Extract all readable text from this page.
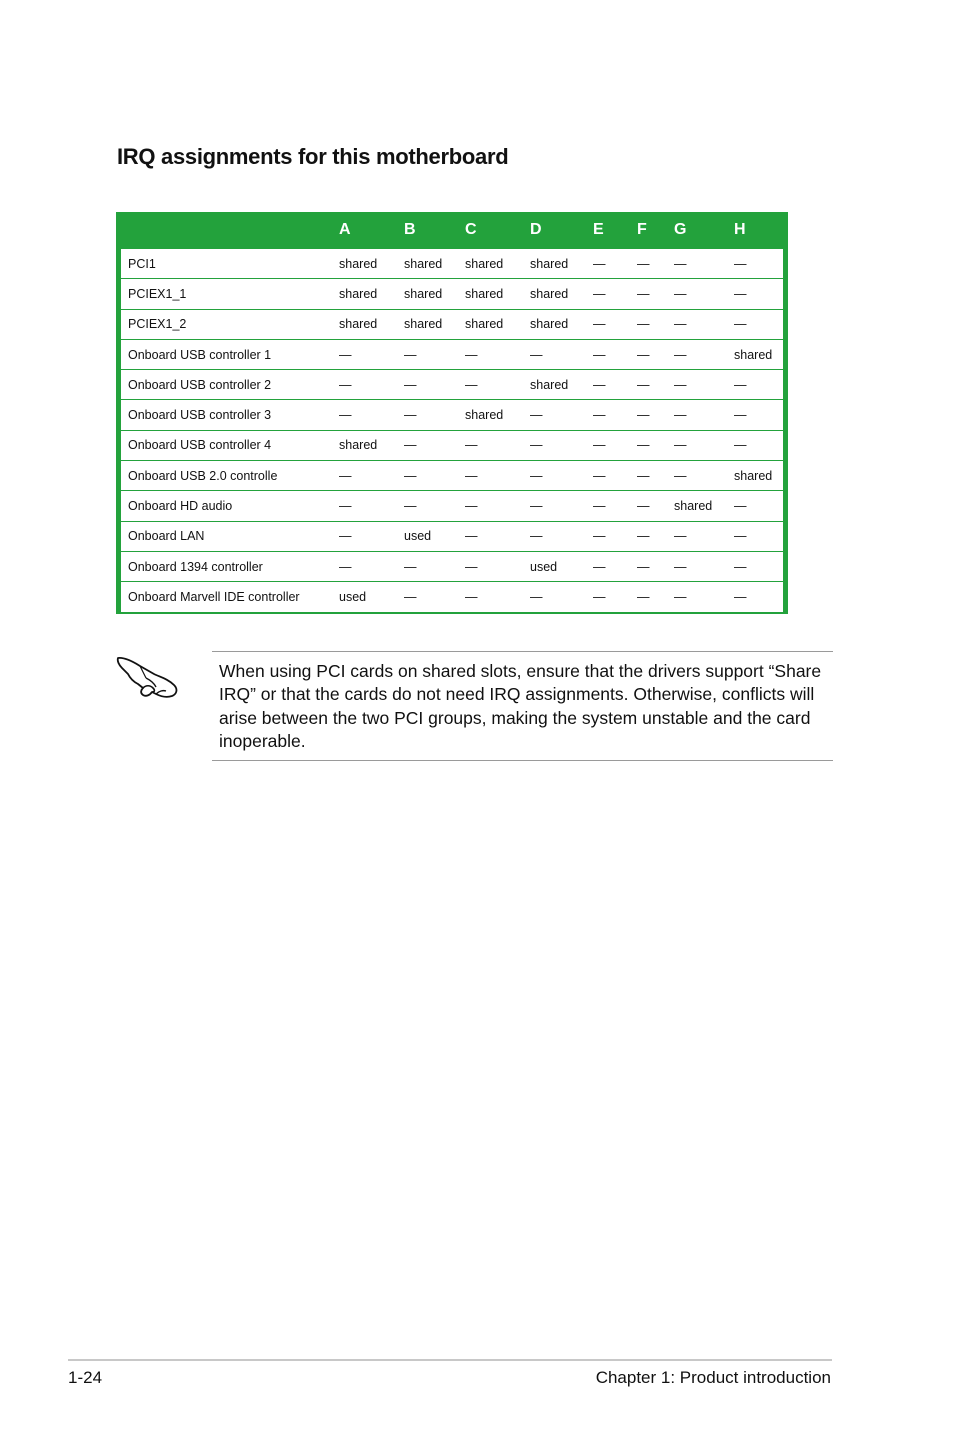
IRQ assignments for this motherboard
	A	B	C	D	E	F	G	H
PCI1	shared	shared	shared	shared	—	—	—	—
PCIEX1_1	shared	shared	shared	shared	—	—	—	—
PCIEX1_2	shared	shared	shared	shared	—	—	—	—
Onboard USB controller 1	—	—	—	—	—	—	—	shared
Onboard USB controller 2	—	—	—	shared	—	—	—	—
Onboard USB controller 3	—	—	shared	—	—	—	—	—
Onboard USB controller 4	shared	—	—	—	—	—	—	—
Onboard USB 2.0 controlle	—	—	—	—	—	—	—	shared
Onboard HD audio	—	—	—	—	—	—	shared	—
Onboard LAN	—	used	—	—	—	—	—	—
Onboard 1394 controller	—	—	—	used	—	—	—	—
Onboard Marvell IDE controller	used	—	—	—	—	—	—	—

When using PCI cards on shared slots, ensure that the drivers support “Share IRQ” or that the cards do not need IRQ assignments. Otherwise, conflicts will arise between the two PCI groups, making the system unstable and the card inoperable.

1-24	Chapter 1: Product introduction
